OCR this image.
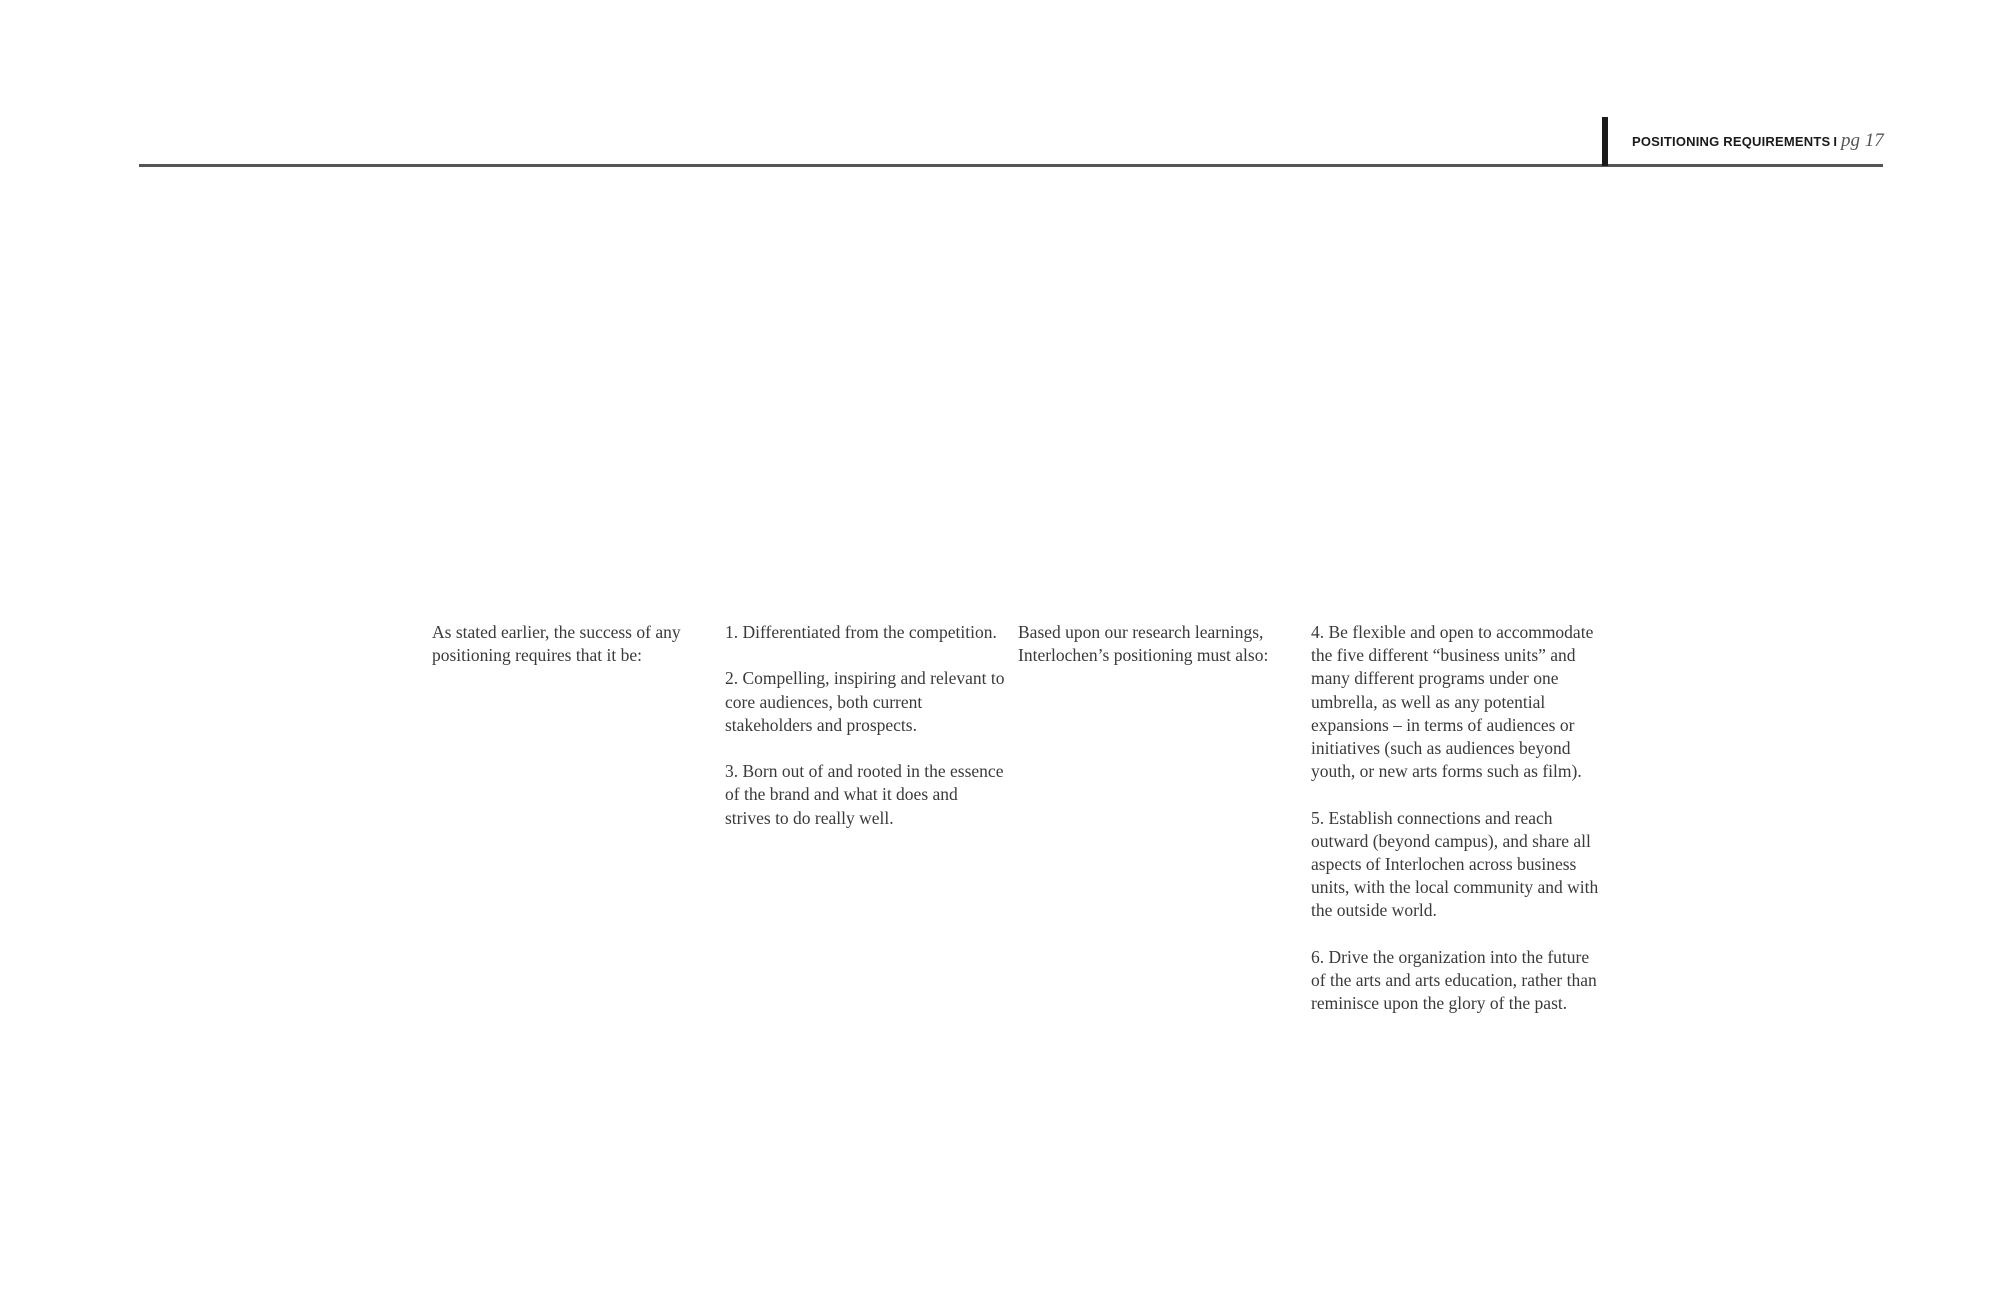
POSITIONING REQUIREMENTS I pg 17

As stated earlier, the success of any positioning requires that it be:

1. Differentiated from the competition.

2. Compelling, inspiring and relevant to core audiences, both current stakeholders and prospects.

3. Born out of and rooted in the essence of the brand and what it does and strives to do really well.

Based upon our research learnings, Interlochen’s positioning must also:

4. Be flexible and open to accommodate the five different “business units” and many different programs under one umbrella, as well as any potential expansions – in terms of audiences or initiatives (such as audiences beyond youth, or new arts forms such as film).

5. Establish connections and reach outward (beyond campus), and share all aspects of Interlochen across business units, with the local community and with the outside world.

6. Drive the organization into the future of the arts and arts education, rather than reminisce upon the glory of the past.
